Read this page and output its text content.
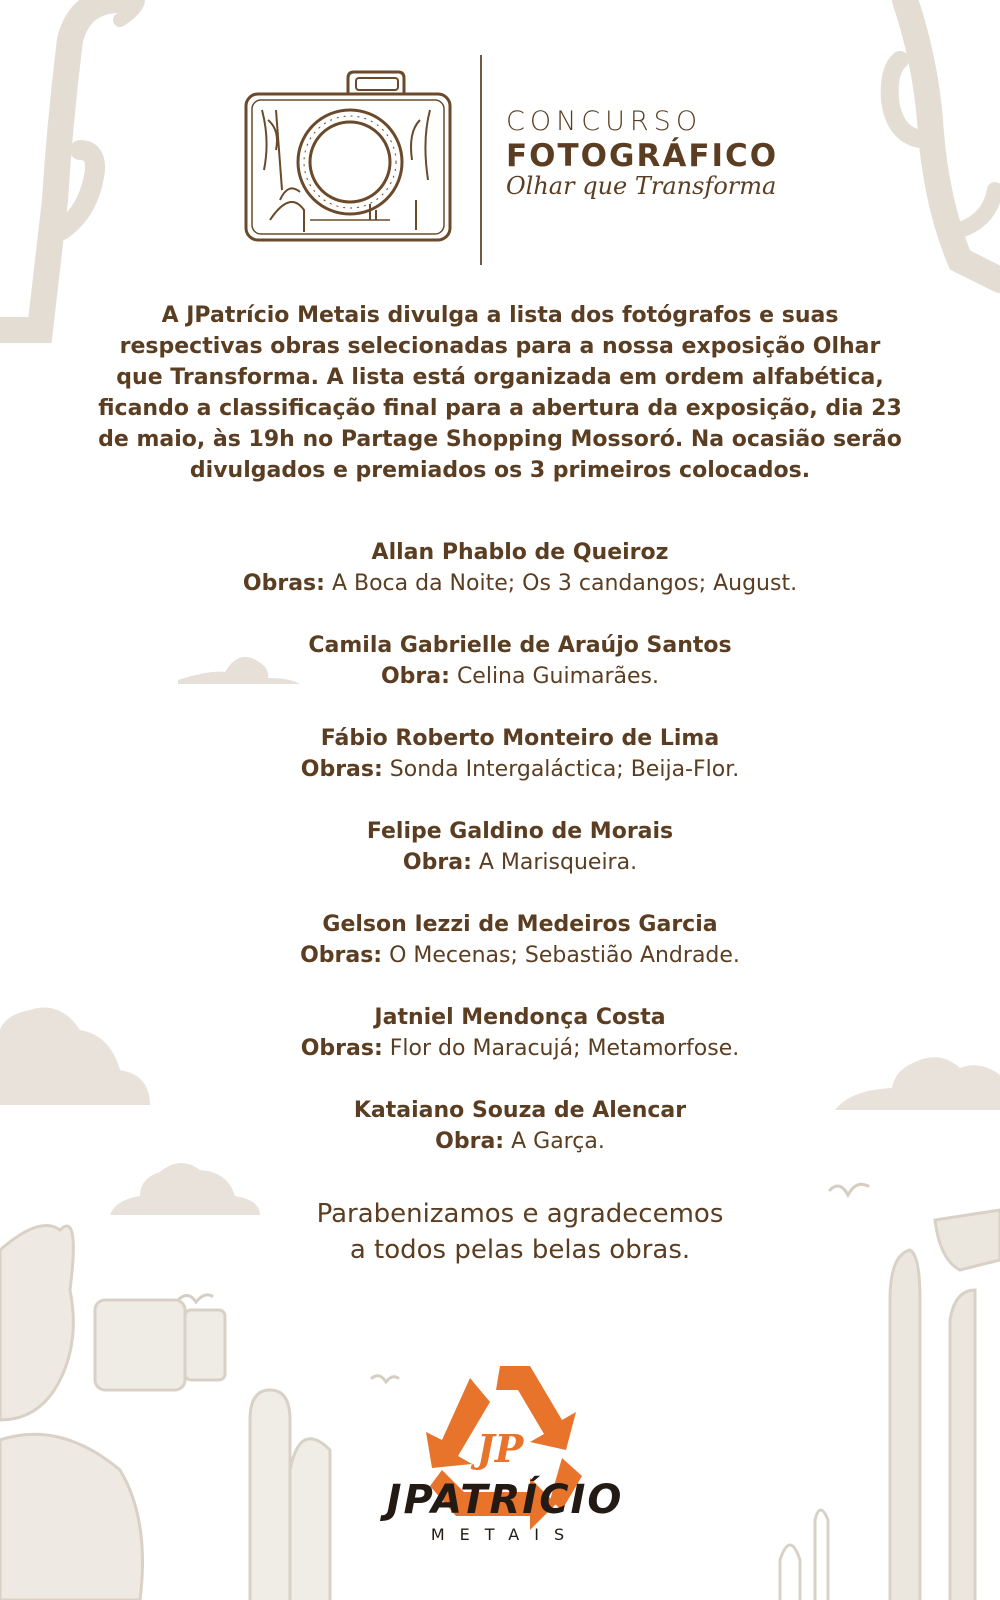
CONCURSO
FOTOGRÁFICO
Olhar que Transforma
A JPatrício Metais divulga a lista dos fotógrafos e suas respectivas obras selecionadas para a nossa exposição Olhar que Transforma. A lista está organizada em ordem alfabética, ficando a classificação final para a abertura da exposição, dia 23 de maio, às 19h no Partage Shopping Mossoró. Na ocasião serão divulgados e premiados os 3 primeiros colocados.
Allan Phablo de Queiroz
Obras: A Boca da Noite; Os 3 candangos; August.
Camila Gabrielle de Araújo Santos
Obra: Celina Guimarães.
Fábio Roberto Monteiro de Lima
Obras: Sonda Intergaláctica; Beija-Flor.
Felipe Galdino de Morais
Obra: A Marisqueira.
Gelson Iezzi de Medeiros Garcia
Obras: O Mecenas; Sebastião Andrade.
Jatniel Mendonça Costa
Obras: Flor do Maracujá; Metamorfose.
Kataiano Souza de Alencar
Obra: A Garça.
Parabenizamos e agradecemos
a todos pelas belas obras.
JP
JPATRÍCIO
METAIS
